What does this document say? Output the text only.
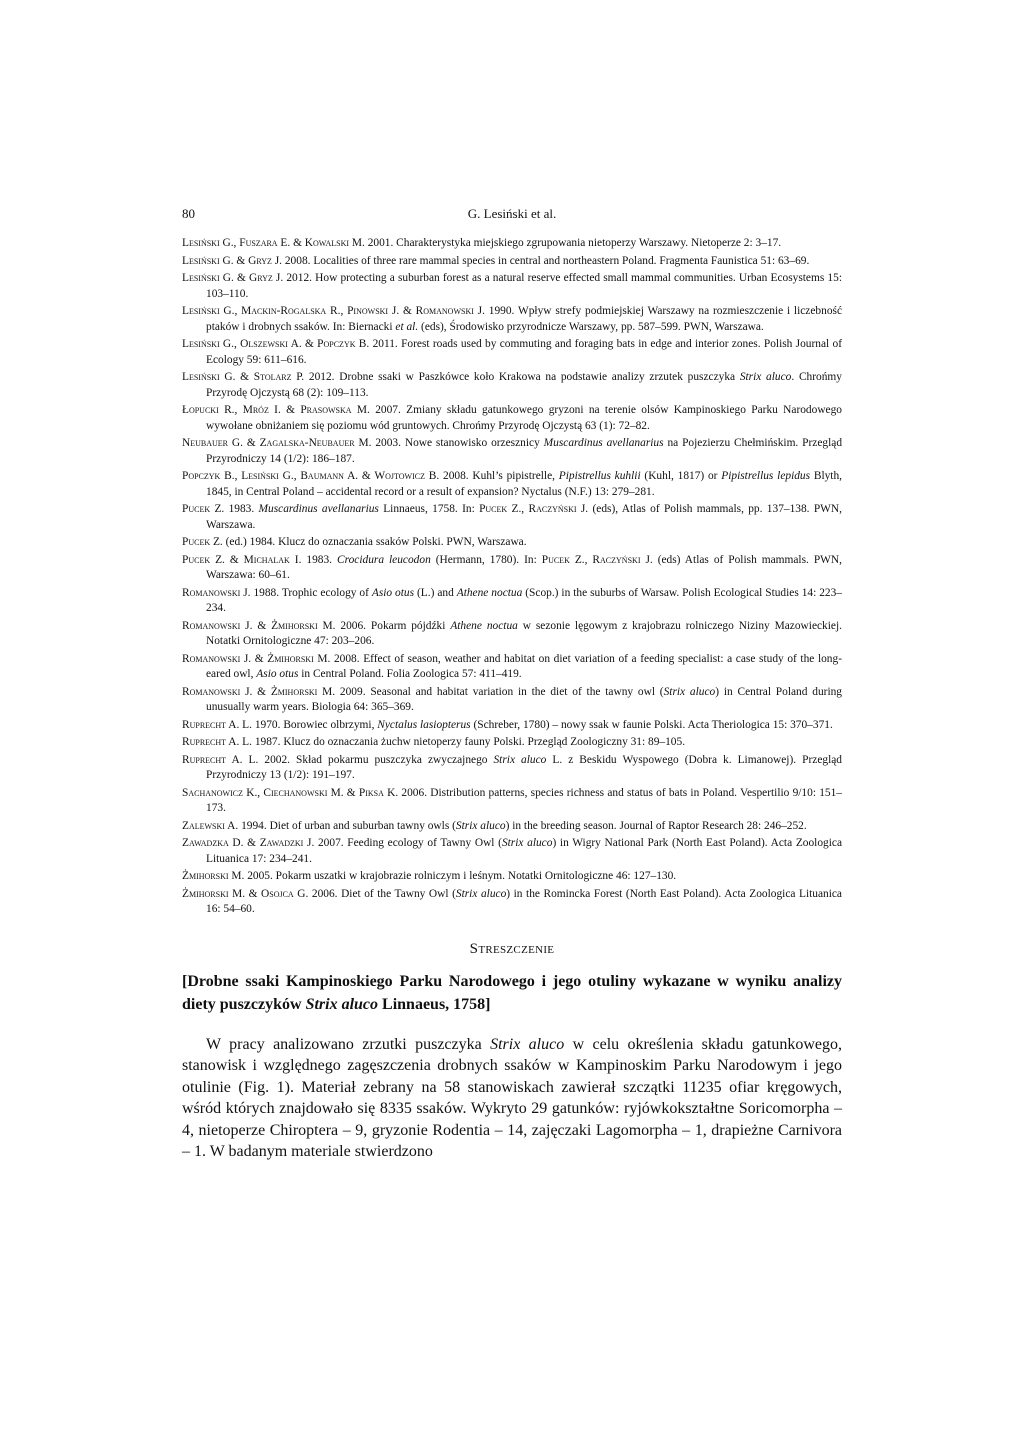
80	G. Lesiński et al.

Lesiński G., Fuszara E. & Kowalski M. 2001. Charakterystyka miejskiego zgrupowania nietoperzy Warszawy. Nietoperze 2: 3–17.

Lesiński G. & Gryz J. 2008. Localities of three rare mammal species in central and northeastern Poland. Fragmenta Faunistica 51: 63–69.

Lesiński G. & Gryz J. 2012. How protecting a suburban forest as a natural reserve effected small mammal communities. Urban Ecosystems 15: 103–110.

Lesiński G., Mackin-Rogalska R., Pinowski J. & Romanowski J. 1990. Wpływ strefy podmiejskiej Warszawy na rozmieszczenie i liczebność ptaków i drobnych ssaków. In: Biernacki et al. (eds), Środowisko przyrodnicze Warszawy, pp. 587–599. PWN, Warszawa.

Lesiński G., Olszewski A. & Popczyk B. 2011. Forest roads used by commuting and foraging bats in edge and interior zones. Polish Journal of Ecology 59: 611–616.

Lesiński G. & Stolarz P. 2012. Drobne ssaki w Paszkówce koło Krakowa na podstawie analizy zrzutek puszczyka Strix aluco. Chrońmy Przyrodę Ojczystą 68 (2): 109–113.

Łopucki R., Mróz I. & Prasowska M. 2007. Zmiany składu gatunkowego gryzoni na terenie olsów Kampinoskiego Parku Narodowego wywołane obniżaniem się poziomu wód gruntowych. Chrońmy Przyrodę Ojczystą 63 (1): 72–82.

Neubauer G. & Zagalska-Neubauer M. 2003. Nowe stanowisko orzesznicy Muscardinus avellanarius na Pojezierzu Chełmińskim. Przegląd Przyrodniczy 14 (1/2): 186–187.

Popczyk B., Lesiński G., Baumann A. & Wojtowicz B. 2008. Kuhl’s pipistrelle, Pipistrellus kuhlii (Kuhl, 1817) or Pipistrellus lepidus Blyth, 1845, in Central Poland – accidental record or a result of expansion? Nyctalus (N.F.) 13: 279–281.

Pucek Z. 1983. Muscardinus avellanarius Linnaeus, 1758. In: Pucek Z., Raczyński J. (eds), Atlas of Polish mammals, pp. 137–138. PWN, Warszawa.

Pucek Z. (ed.) 1984. Klucz do oznaczania ssaków Polski. PWN, Warszawa.

Pucek Z. & Michalak I. 1983. Crocidura leucodon (Hermann, 1780). In: Pucek Z., Raczyński J. (eds) Atlas of Polish mammals. PWN, Warszawa: 60–61.

Romanowski J. 1988. Trophic ecology of Asio otus (L.) and Athene noctua (Scop.) in the suburbs of Warsaw. Polish Ecological Studies 14: 223–234.

Romanowski J. & Żmihorski M. 2006. Pokarm pójdźki Athene noctua w sezonie lęgowym z krajobrazu rolniczego Niziny Mazowieckiej. Notatki Ornitologiczne 47: 203–206.

Romanowski J. & Żmihorski M. 2008. Effect of season, weather and habitat on diet variation of a feeding specialist: a case study of the long-eared owl, Asio otus in Central Poland. Folia Zoologica 57: 411–419.

Romanowski J. & Żmihorski M. 2009. Seasonal and habitat variation in the diet of the tawny owl (Strix aluco) in Central Poland during unusually warm years. Biologia 64: 365–369.

Ruprecht A. L. 1970. Borowiec olbrzymi, Nyctalus lasiopterus (Schreber, 1780) – nowy ssak w faunie Polski. Acta Theriologica 15: 370–371.

Ruprecht A. L. 1987. Klucz do oznaczania żuchw nietoperzy fauny Polski. Przegląd Zoologiczny 31: 89–105.

Ruprecht A. L. 2002. Skład pokarmu puszczyka zwyczajnego Strix aluco L. z Beskidu Wyspowego (Dobra k. Limanowej). Przegląd Przyrodniczy 13 (1/2): 191–197.

Sachanowicz K., Ciechanowski M. & Piksa K. 2006. Distribution patterns, species richness and status of bats in Poland. Vespertilio 9/10: 151–173.

Zalewski A. 1994. Diet of urban and suburban tawny owls (Strix aluco) in the breeding season. Journal of Raptor Research 28: 246–252.

Zawadzka D. & Zawadzki J. 2007. Feeding ecology of Tawny Owl (Strix aluco) in Wigry National Park (North East Poland). Acta Zoologica Lituanica 17: 234–241.

Żmihorski M. 2005. Pokarm uszatki w krajobrazie rolniczym i leśnym. Notatki Ornitologiczne 46: 127–130.

Żmihorski M. & Osojca G. 2006. Diet of the Tawny Owl (Strix aluco) in the Romincka Forest (North East Poland). Acta Zoologica Lituanica 16: 54–60.

Streszczenie
[Drobne ssaki Kampinoskiego Parku Narodowego i jego otuliny wykazane w wyniku analizy diety puszczyków Strix aluco Linnaeus, 1758]
W pracy analizowano zrzutki puszczyka Strix aluco w celu określenia składu gatunkowego, stanowisk i względnego zagęszczenia drobnych ssaków w Kampinoskim Parku Narodowym i jego otulinie (Fig. 1). Materiał zebrany na 58 stanowiskach zawierał szczątki 11235 ofiar kręgowych, wśród których znajdowało się 8335 ssaków. Wykryto 29 gatunków: ryjówkokształtne Soricomorpha – 4, nietoperze Chiroptera – 9, gryzonie Rodentia – 14, zajęczaki Lagomorpha – 1, drapieżne Carnivora – 1. W badanym materiale stwierdzono
